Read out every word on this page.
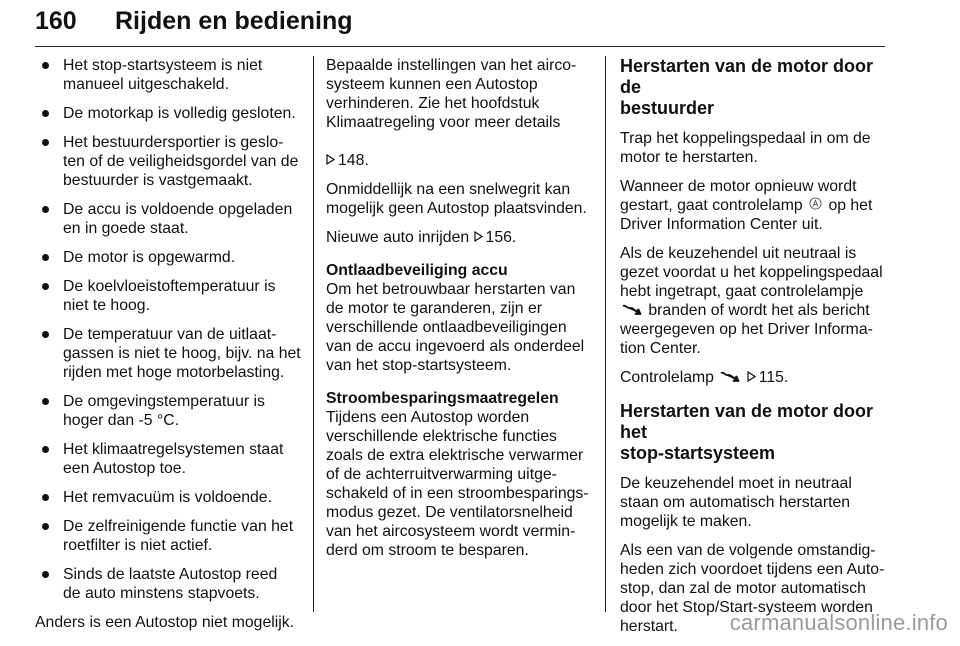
160 Rijden en bediening
Het stop-startsysteem is niet
manueel uitgeschakeld.
De motorkap is volledig gesloten.
Het bestuurdersportier is geslo-
ten of de veiligheidsgordel van de
bestuurder is vastgemaakt.
De accu is voldoende opgeladen
en in goede staat.
De motor is opgewarmd.
De koelvloeistoftemperatuur is
niet te hoog.
De temperatuur van de uitlaat-
gassen is niet te hoog, bijv. na het
rijden met hoge motorbelasting.
De omgevingstemperatuur is
hoger dan -5 °C.
Het klimaatregelsystemen staat
een Autostop toe.
Het remvacuüm is voldoende.
De zelfreinigende functie van het
roetfilter is niet actief.
Sinds de laatste Autostop reed
de auto minstens stapvoets.

Anders is een Autostop niet mogelijk.

Bepaalde instellingen van het airco-
systeem kunnen een Autostop
verhinderen. Zie het hoofdstuk
Klimaatregeling voor meer details

148.

Onmiddellijk na een snelwegrit kan
mogelijk geen Autostop plaatsvinden.

Nieuwe auto inrijden 156.

Ontlaadbeveiliging accu

Om het betrouwbaar herstarten van
de motor te garanderen, zijn er
verschillende ontlaadbeveiligingen
van de accu ingevoerd als onderdeel
van het stop-startsysteem.

Stroombesparingsmaatregelen

Tijdens een Autostop worden
verschillende elektrische functies
zoals de extra elektrische verwarmer
of de achterruitverwarming uitge-
schakeld of in een stroombesparings-
modus gezet. De ventilatorsnelheid
van het aircosysteem wordt vermin-
derd om stroom te besparen.

Herstarten van de motor door de
bestuurder

Trap het koppelingspedaal in om de
motor te herstarten.

Wanneer de motor opnieuw wordt
gestart, gaat controlelamp op het
Driver Information Center uit.

Als de keuzehendel uit neutraal is
gezet voordat u het koppelingspedaal
hebt ingetrapt, gaat controlelampje
branden of wordt het als bericht
weergegeven op het Driver Informa-
tion Center.

Controlelamp	115.

Herstarten van de motor door het
stop-startsysteem

De keuzehendel moet in neutraal
staan om automatisch herstarten
mogelijk te maken.

Als een van de volgende omstandig-
heden zich voordoet tijdens een Auto-
stop, dan zal de motor automatisch
door het Stop/Start-systeem worden
herstart.	carmanualsonline.info
